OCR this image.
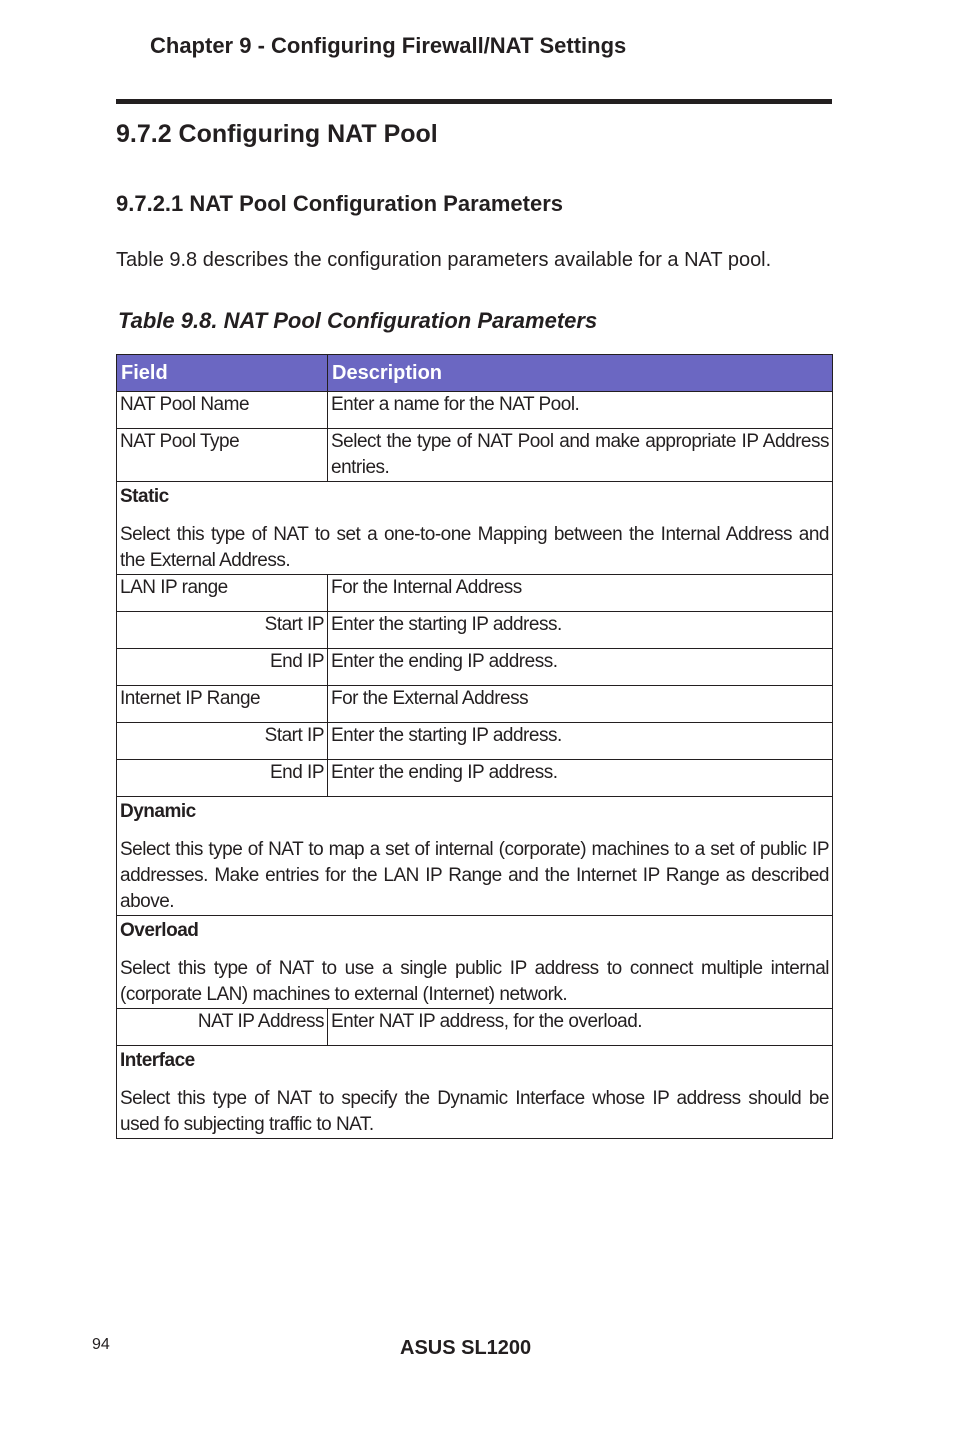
Chapter 9 - Configuring Firewall/NAT Settings
9.7.2 Configuring NAT Pool
9.7.2.1 NAT Pool Configuration Parameters
Table 9.8 describes the configuration parameters available for a NAT pool.
Table 9.8. NAT Pool Configuration Parameters
Field	Description
NAT Pool Name	Enter a name for the NAT Pool.
NAT Pool Type	Select the type of NAT Pool and make appropriate IP Address entries.

Static
Select this type of NAT to set a one-to-one Mapping between the Internal Address and the External Address.	
LAN IP range	For the Internal Address
Start IP	Enter the starting IP address.
End IP	Enter the ending IP address.
Internet IP Range	For the External Address
Start IP	Enter the starting IP address.
End IP	Enter the ending IP address.

Dynamic
Select this type of NAT to map a set of internal (corporate) machines to a set of public IP addresses. Make entries for the LAN IP Range and the Internet IP Range as described above.	

Overload
Select this type of NAT to use a single public IP address to connect multiple internal (corporate LAN) machines to external (Internet) network.	
NAT IP Address	Enter NAT IP address, for the overload.

Interface
Select this type of NAT to specify the Dynamic Interface whose IP address should be used fo subjecting traffic to NAT.	
94	ASUS SL1200
